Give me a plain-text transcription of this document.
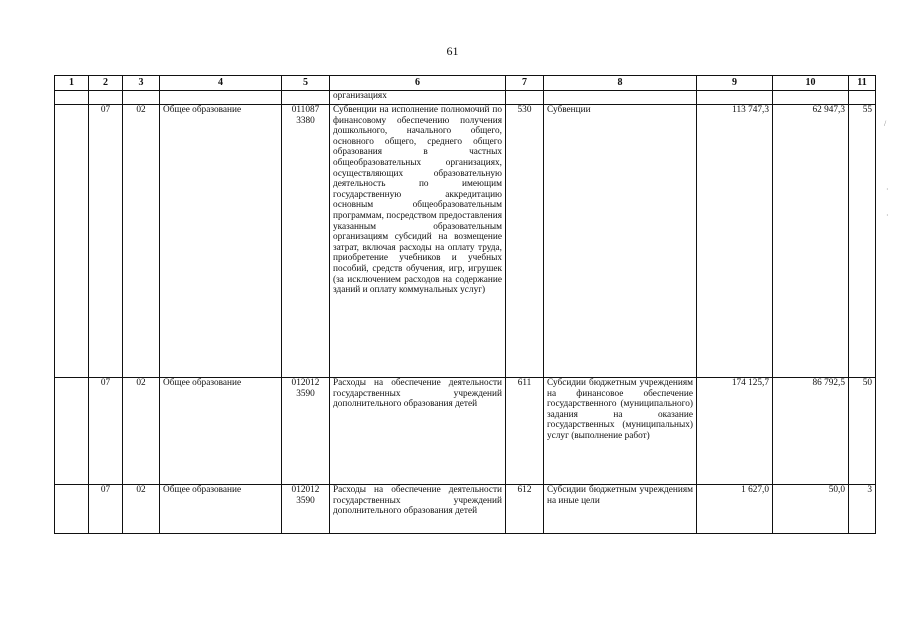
61
1	2	3	4	5	6	7	8	9	10	11
					организациях					
	07	02	Общее образование	011087 3380	Субвенции на исполнение полномочий по финансовому обеспечению получения дошкольного, начального общего, основного общего, среднего общего образования в частных общеобразовательных организациях, осуществляющих образовательную деятельность по имеющим государственную аккредитацию основным общеобразовательным программам, посредством предоставления указанным образовательным организациям субсидий на возмещение затрат, включая расходы на оплату труда, приобретение учебников и учебных пособий, средств обучения, игр, игрушек (за исключением расходов на содержание зданий и оплату коммунальных услуг)	530	Субвенции	113 747,3	62 947,3	55
	07	02	Общее образование	012012 3590	Расходы на обеспечение деятельности государственных учреждений дополнительного образования детей	611	Субсидии бюджетным учреждениям на финансовое обеспечение государственного (муниципального) задания на оказание государственных (муниципальных) услуг (выполнение работ)	174 125,7	86 792,5	50
	07	02	Общее образование	012012 3590	Расходы на обеспечение деятельности государственных учреждений дополнительного образования детей	612	Субсидии бюджетным учреждениям на иные цели	1 627,0	50,0	3
/
·
·
